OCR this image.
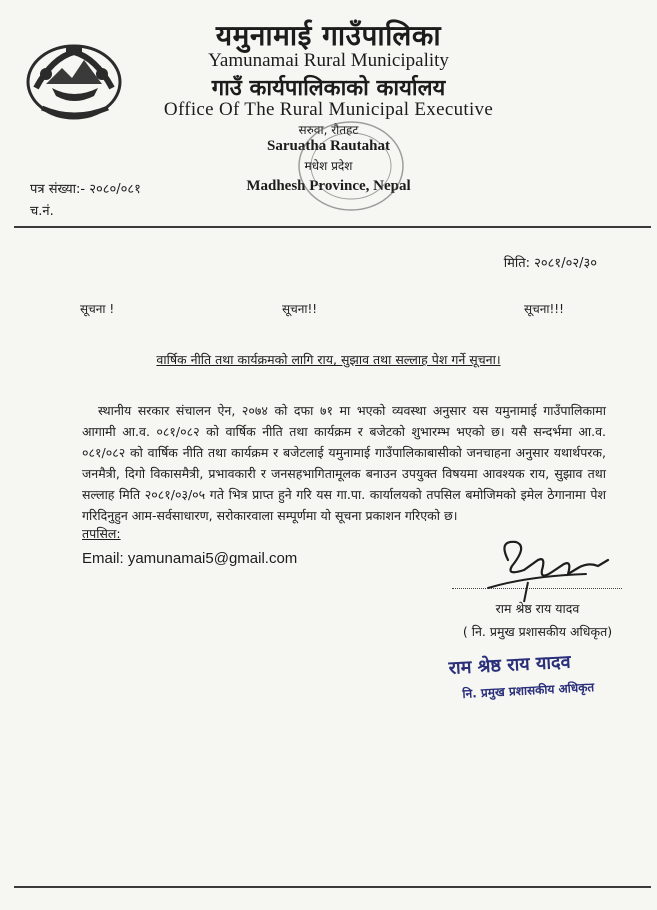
यमुनामाई गाउँपालिका
Yamunamai Rural Municipality
गाउँ कार्यपालिकाको कार्यालय
Office Of The Rural Municipal Executive
सरुवा, रौतहट
Saruatha Rautahat
मधेश प्रदेश
Madhesh Province, Nepal
पत्र संख्या:- २०८०/०८१
च.नं.
मिति: २०८१/०२/३०
सूचना !	सूचना!!	सूचना!!!
वार्षिक नीति तथा कार्यक्रमको लागि राय, सुझाव तथा सल्लाह पेश गर्ने सूचना।

स्थानीय सरकार संचालन ऐन, २०७४ को दफा ७१ मा भएको व्यवस्था अनुसार यस यमुनामाई गाउँपालिकामा आगामी आ.व. ०८१/०८२ को वार्षिक नीति तथा कार्यक्रम र बजेटको शुभारम्भ भएको छ। यसै सन्दर्भमा आ.व. ०८१/०८२ को वार्षिक नीति तथा कार्यक्रम र बजेटलाई यमुनामाई गाउँपालिकाबासीको जनचाहना अनुसार यथार्थपरक, जनमैत्री, दिगो विकासमैत्री, प्रभावकारी र जनसहभागितामूलक बनाउन उपयुक्त विषयमा आवश्यक राय, सुझाव तथा सल्लाह मिति २०८१/०३/०५ गते भित्र प्राप्त हुने गरि यस गा.पा. कार्यालयको तपसिल बमोजिमको इमेल ठेगानामा पेश गरिदिनुहुन आम-सर्वसाधारण, सरोकारवाला सम्पूर्णमा यो सूचना प्रकाशन गरिएको छ।

तपसिल:
Email: yamunamai5@gmail.com
राम श्रेष्ठ राय यादव
( नि. प्रमुख प्रशासकीय अधिकृत)
राम श्रेष्ठ राय यादव
नि. प्रमुख प्रशासकीय अधिकृत
